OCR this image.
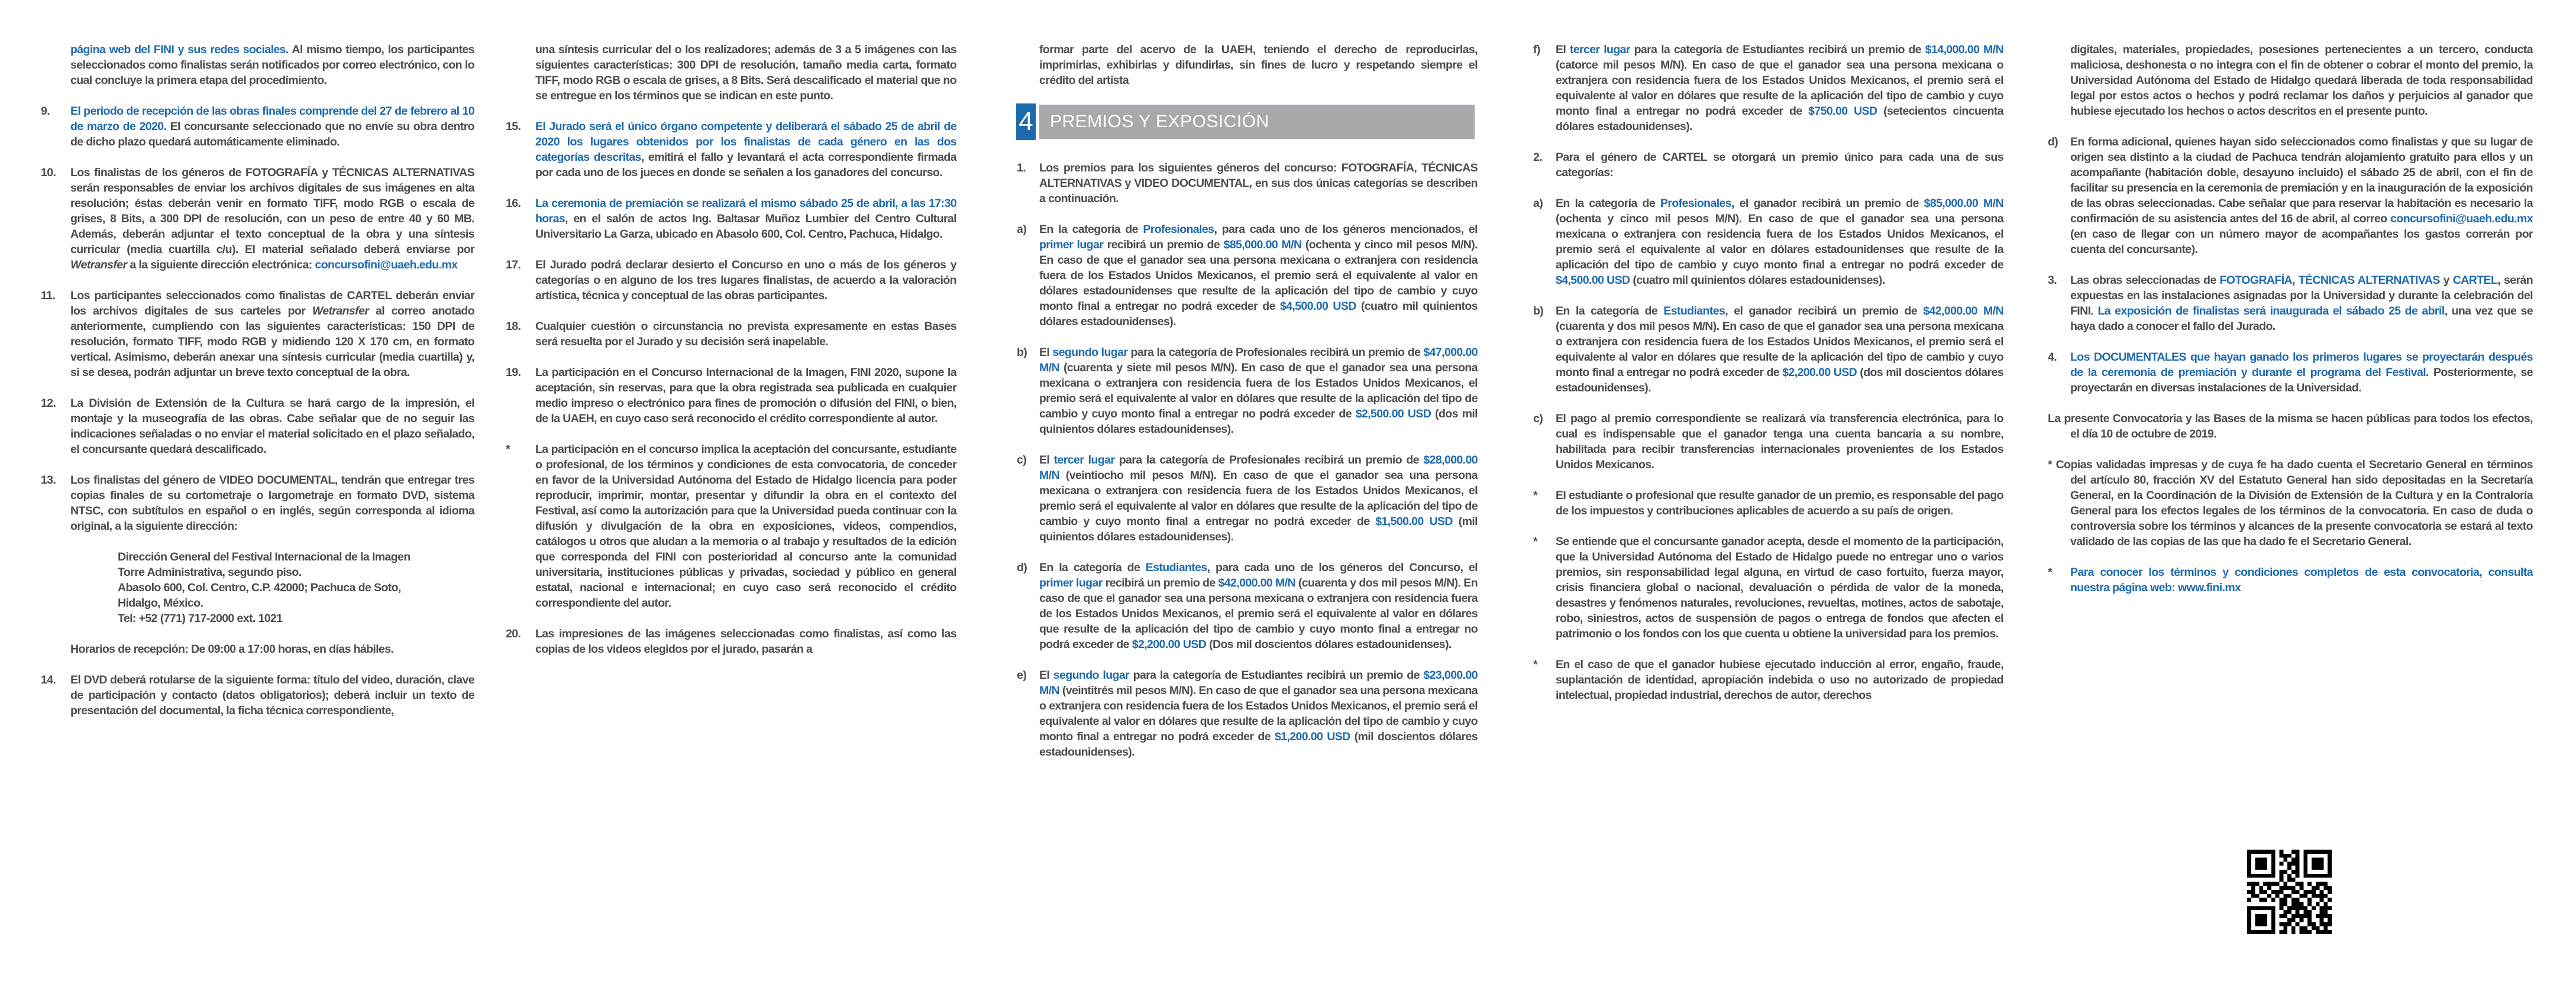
página web del FINI y sus redes sociales. Al mismo tiempo, los participantes seleccionados como finalistas serán notificados por correo electrónico, con lo cual concluye la primera etapa del procedimiento.
9. El periodo de recepción de las obras finales comprende del 27 de febrero al 10 de marzo de 2020. El concursante seleccionado que no envíe su obra dentro de dicho plazo quedará automáticamente eliminado.
10. Los finalistas de los géneros de FOTOGRAFÍA y TÉCNICAS ALTERNATIVAS serán responsables de enviar los archivos digitales de sus imágenes en alta resolución; éstas deberán venir en formato TIFF, modo RGB o escala de grises, 8 Bits, a 300 DPI de resolución, con un peso de entre 40 y 60 MB. Además, deberán adjuntar el texto conceptual de la obra y una síntesis curricular (media cuartilla c/u). El material señalado deberá enviarse por Wetransfer a la siguiente dirección electrónica: concursofini@uaeh.edu.mx
11. Los participantes seleccionados como finalistas de CARTEL deberán enviar los archivos digitales de sus carteles por Wetransfer al correo anotado anteriormente, cumpliendo con las siguientes características: 150 DPI de resolución, formato TIFF, modo RGB y midiendo 120 X 170 cm, en formato vertical. Asimismo, deberán anexar una síntesis curricular (media cuartilla) y, si se desea, podrán adjuntar un breve texto conceptual de la obra.
12. La División de Extensión de la Cultura se hará cargo de la impresión, el montaje y la museografía de las obras. Cabe señalar que de no seguir las indicaciones señaladas o no enviar el material solicitado en el plazo señalado, el concursante quedará descalificado.
13. Los finalistas del género de VIDEO DOCUMENTAL, tendrán que entregar tres copias finales de su cortometraje o largometraje en formato DVD, sistema NTSC, con subtítulos en español o en inglés, según corresponda al idioma original, a la siguiente dirección:
Dirección General del Festival Internacional de la Imagen
Torre Administrativa, segundo piso.
Abasolo 600, Col. Centro, C.P. 42000; Pachuca de Soto,
Hidalgo, México.
Tel: +52 (771) 717-2000 ext. 1021
Horarios de recepción: De 09:00 a 17:00 horas, en días hábiles.
14. El DVD deberá rotularse de la siguiente forma: título del video, duración, clave de participación y contacto (datos obligatorios); deberá incluir un texto de presentación del documental, la ficha técnica correspondiente,
una síntesis curricular del o los realizadores; además de 3 a 5 imágenes con las siguientes características: 300 DPI de resolución, tamaño media carta, formato TIFF, modo RGB o escala de grises, a 8 Bits. Será descalificado el material que no se entregue en los términos que se indican en este punto.
15. El Jurado será el único órgano competente y deliberará el sábado 25 de abril de 2020 los lugares obtenidos por los finalistas de cada género en las dos categorías descritas, emitirá el fallo y levantará el acta correspondiente firmada por cada uno de los jueces en donde se señalen a los ganadores del concurso.
16. La ceremonia de premiación se realizará el mismo sábado 25 de abril, a las 17:30 horas, en el salón de actos Ing. Baltasar Muñoz Lumbier del Centro Cultural Universitario La Garza, ubicado en Abasolo 600, Col. Centro, Pachuca, Hidalgo.
17. El Jurado podrá declarar desierto el Concurso en uno o más de los géneros y categorías o en alguno de los tres lugares finalistas, de acuerdo a la valoración artística, técnica y conceptual de las obras participantes.
18. Cualquier cuestión o circunstancia no prevista expresamente en estas Bases será resuelta por el Jurado y su decisión será inapelable.
19. La participación en el Concurso Internacional de la Imagen, FINI 2020, supone la aceptación, sin reservas, para que la obra registrada sea publicada en cualquier medio impreso o electrónico para fines de promoción o difusión del FINI, o bien, de la UAEH, en cuyo caso será reconocido el crédito correspondiente al autor.
* La participación en el concurso implica la aceptación del concursante, estudiante o profesional, de los términos y condiciones de esta convocatoria, de conceder en favor de la Universidad Autónoma del Estado de Hidalgo licencia para poder reproducir, imprimir, montar, presentar y difundir la obra en el contexto del Festival, así como la autorización para que la Universidad pueda continuar con la difusión y divulgación de la obra en exposiciones, videos, compendios, catálogos u otros que aludan a la memoria o al trabajo y resultados de la edición que corresponda del FINI con posterioridad al concurso ante la comunidad universitaria, instituciones públicas y privadas, sociedad y público en general estatal, nacional e internacional; en cuyo caso será reconocido el crédito correspondiente del autor.
20. Las impresiones de las imágenes seleccionadas como finalistas, así como las copias de los videos elegidos por el jurado, pasarán a
formar parte del acervo de la UAEH, teniendo el derecho de reproducirlas, imprimirlas, exhibirlas y difundirlas, sin fines de lucro y respetando siempre el crédito del artista
4 PREMIOS Y EXPOSICIÓN
1. Los premios para los siguientes géneros del concurso: FOTOGRAFÍA, TÉCNICAS ALTERNATIVAS y VIDEO DOCUMENTAL, en sus dos únicas categorías se describen a continuación.
a) En la categoría de Profesionales, para cada uno de los géneros mencionados, el primer lugar recibirá un premio de $85,000.00 M/N (ochenta y cinco mil pesos M/N). En caso de que el ganador sea una persona mexicana o extranjera con residencia fuera de los Estados Unidos Mexicanos, el premio será el equivalente al valor en dólares estadounidenses que resulte de la aplicación del tipo de cambio y cuyo monto final a entregar no podrá exceder de $4,500.00 USD (cuatro mil quinientos dólares estadounidenses).
b) El segundo lugar para la categoría de Profesionales recibirá un premio de $47,000.00 M/N (cuarenta y siete mil pesos M/N). En caso de que el ganador sea una persona mexicana o extranjera con residencia fuera de los Estados Unidos Mexicanos, el premio será el equivalente al valor en dólares que resulte de la aplicación del tipo de cambio y cuyo monto final a entregar no podrá exceder de $2,500.00 USD (dos mil quinientos dólares estadounidenses).
c) El tercer lugar para la categoría de Profesionales recibirá un premio de $28,000.00 M/N (veintiocho mil pesos M/N). En caso de que el ganador sea una persona mexicana o extranjera con residencia fuera de los Estados Unidos Mexicanos, el premio será el equivalente al valor en dólares que resulte de la aplicación del tipo de cambio y cuyo monto final a entregar no podrá exceder de $1,500.00 USD (mil quinientos dólares estadounidenses).
d) En la categoría de Estudiantes, para cada uno de los géneros del Concurso, el primer lugar recibirá un premio de $42,000.00 M/N (cuarenta y dos mil pesos M/N). En caso de que el ganador sea una persona mexicana o extranjera con residencia fuera de los Estados Unidos Mexicanos, el premio será el equivalente al valor en dólares que resulte de la aplicación del tipo de cambio y cuyo monto final a entregar no podrá exceder de $2,200.00 USD (Dos mil doscientos dólares estadounidenses).
e) El segundo lugar para la categoría de Estudiantes recibirá un premio de $23,000.00 M/N (veintitrés mil pesos M/N). En caso de que el ganador sea una persona mexicana o extranjera con residencia fuera de los Estados Unidos Mexicanos, el premio será el equivalente al valor en dólares que resulte de la aplicación del tipo de cambio y cuyo monto final a entregar no podrá exceder de $1,200.00 USD (mil doscientos dólares estadounidenses).
f) El tercer lugar para la categoría de Estudiantes recibirá un premio de $14,000.00 M/N (catorce mil pesos M/N). En caso de que el ganador sea una persona mexicana o extranjera con residencia fuera de los Estados Unidos Mexicanos, el premio será el equivalente al valor en dólares que resulte de la aplicación del tipo de cambio y cuyo monto final a entregar no podrá exceder de $750.00 USD (setecientos cincuenta dólares estadounidenses).
2. Para el género de CARTEL se otorgará un premio único para cada una de sus categorías:
a) En la categoría de Profesionales, el ganador recibirá un premio de $85,000.00 M/N (ochenta y cinco mil pesos M/N). En caso de que el ganador sea una persona mexicana o extranjera con residencia fuera de los Estados Unidos Mexicanos, el premio será el equivalente al valor en dólares estadounidenses que resulte de la aplicación del tipo de cambio y cuyo monto final a entregar no podrá exceder de $4,500.00 USD (cuatro mil quinientos dólares estadounidenses).
b) En la categoría de Estudiantes, el ganador recibirá un premio de $42,000.00 M/N (cuarenta y dos mil pesos M/N). En caso de que el ganador sea una persona mexicana o extranjera con residencia fuera de los Estados Unidos Mexicanos, el premio será el equivalente al valor en dólares que resulte de la aplicación del tipo de cambio y cuyo monto final a entregar no podrá exceder de $2,200.00 USD (dos mil doscientos dólares estadounidenses).
c) El pago al premio correspondiente se realizará vía transferencia electrónica, para lo cual es indispensable que el ganador tenga una cuenta bancaria a su nombre, habilitada para recibir transferencias internacionales provenientes de los Estados Unidos Mexicanos.
* El estudiante o profesional que resulte ganador de un premio, es responsable del pago de los impuestos y contribuciones aplicables de acuerdo a su país de origen.
* Se entiende que el concursante ganador acepta, desde el momento de la participación, que la Universidad Autónoma del Estado de Hidalgo puede no entregar uno o varios premios, sin responsabilidad legal alguna, en virtud de caso fortuito, fuerza mayor, crisis financiera global o nacional, devaluación o pérdida de valor de la moneda, desastres y fenómenos naturales, revoluciones, revueltas, motines, actos de sabotaje, robo, siniestros, actos de suspensión de pagos o entrega de fondos que afecten el patrimonio o los fondos con los que cuenta u obtiene la universidad para los premios.
* En el caso de que el ganador hubiese ejecutado inducción al error, engaño, fraude, suplantación de identidad, apropiación indebida o uso no autorizado de propiedad intelectual, propiedad industrial, derechos de autor, derechos
digitales, materiales, propiedades, posesiones pertenecientes a un tercero, conducta maliciosa, deshonesta o no integra con el fin de obtener o cobrar el monto del premio, la Universidad Autónoma del Estado de Hidalgo quedará liberada de toda responsabilidad legal por estos actos o hechos y podrá reclamar los daños y perjuicios al ganador que hubiese ejecutado los hechos o actos descritos en el presente punto.
d) En forma adicional, quienes hayan sido seleccionados como finalistas y que su lugar de origen sea distinto a la ciudad de Pachuca tendrán alojamiento gratuito para ellos y un acompañante (habitación doble, desayuno incluido) el sábado 25 de abril, con el fin de facilitar su presencia en la ceremonia de premiación y en la inauguración de la exposición de las obras seleccionadas. Cabe señalar que para reservar la habitación es necesario la confirmación de su asistencia antes del 16 de abril, al correo concursofini@uaeh.edu.mx (en caso de llegar con un número mayor de acompañantes los gastos correrán por cuenta del concursante).
3. Las obras seleccionadas de FOTOGRAFÍA, TÉCNICAS ALTERNATIVAS y CARTEL, serán expuestas en las instalaciones asignadas por la Universidad y durante la celebración del FINI. La exposición de finalistas será inaugurada el sábado 25 de abril, una vez que se haya dado a conocer el fallo del Jurado.
4. Los DOCUMENTALES que hayan ganado los primeros lugares se proyectarán después de la ceremonia de premiación y durante el programa del Festival. Posteriormente, se proyectarán en diversas instalaciones de la Universidad.
La presente Convocatoria y las Bases de la misma se hacen públicas para todos los efectos, el día 10 de octubre de 2019.
* Copias validadas impresas y de cuya fe ha dado cuenta el Secretario General en términos del artículo 80, fracción XV del Estatuto General han sido depositadas en la Secretaría General, en la Coordinación de la División de Extensión de la Cultura y en la Contraloría General para los efectos legales de los términos de la convocatoria. En caso de duda o controversia sobre los términos y alcances de la presente convocatoria se estará al texto validado de las copias de las que ha dado fe el Secretario General.
* Para conocer los términos y condiciones completos de esta convocatoria, consulta nuestra página web: www.fini.mx
